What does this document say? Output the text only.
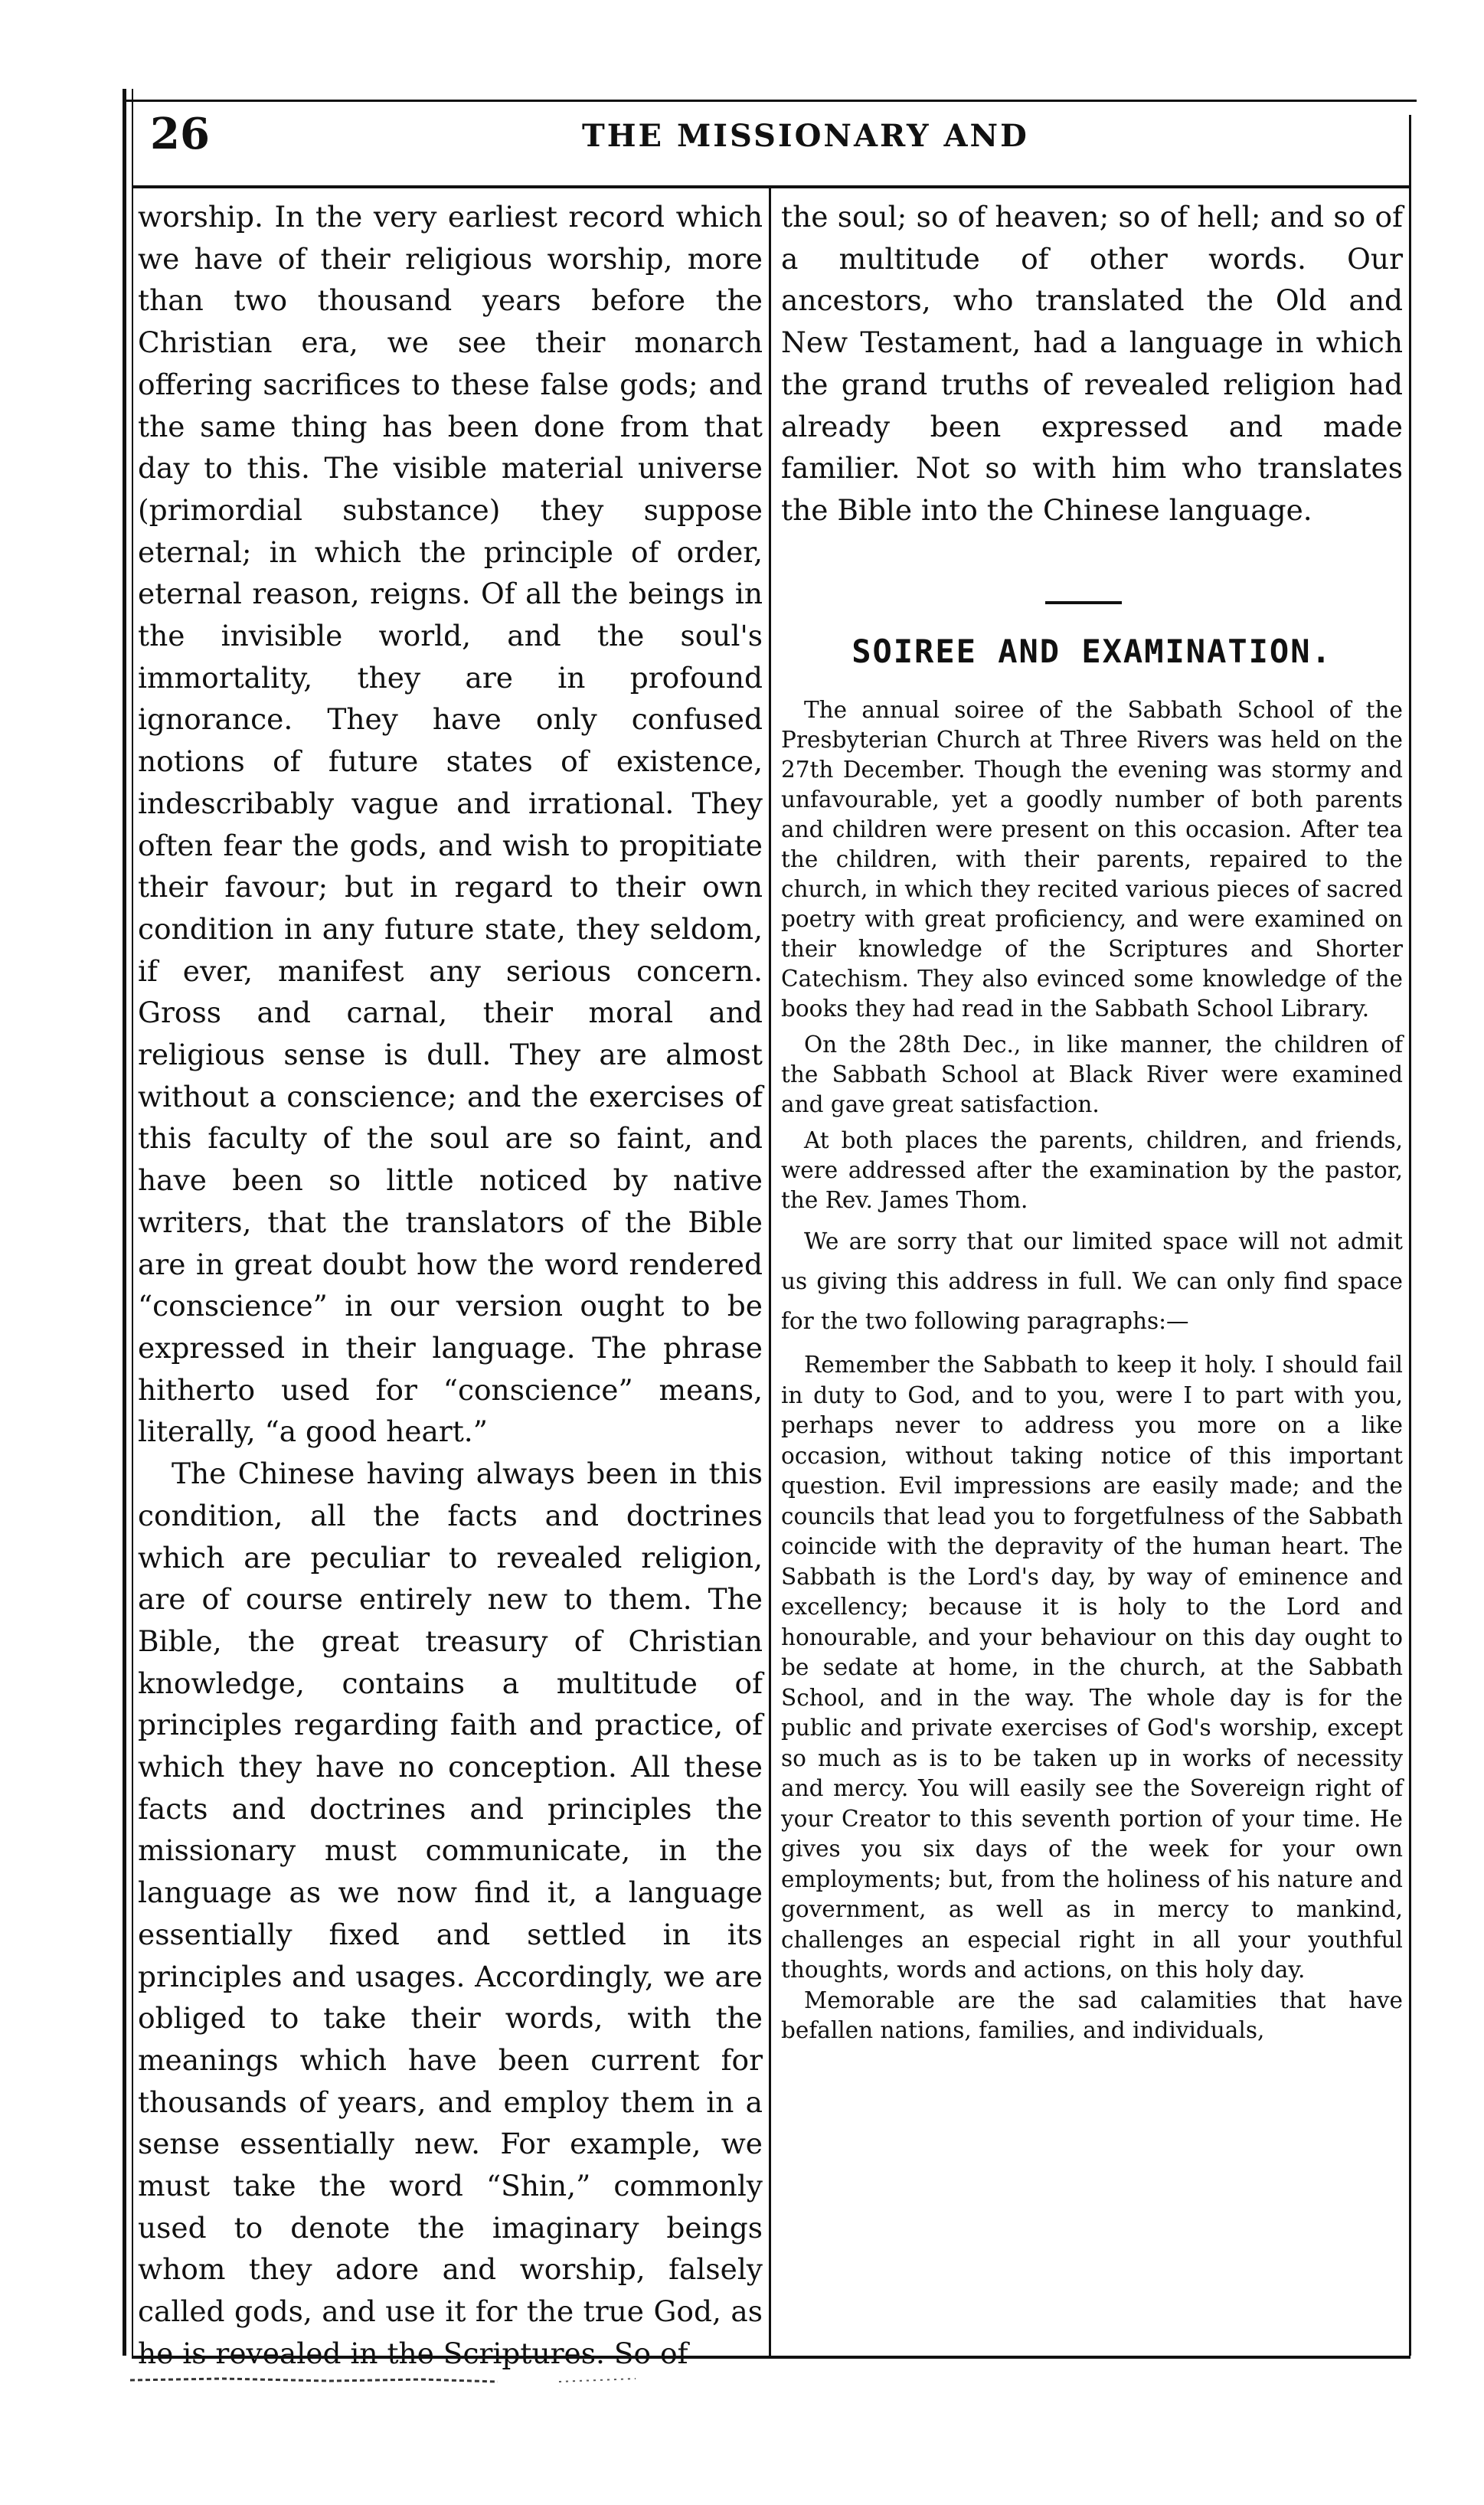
26	THE MISSIONARY AND

worship. In the very earliest record which we have of their religious worship, more than two thousand years before the Christian era, we see their monarch offering sacrifices to these false gods; and the same thing has been done from that day to this. The visible material universe (primordial substance) they suppose eternal; in which the principle of order, eternal reason, reigns. Of all the beings in the invisible world, and the soul's immortality, they are in profound ignorance. They have only confused notions of future states of existence, indescribably vague and irrational. They often fear the gods, and wish to propitiate their favour; but in regard to their own condition in any future state, they seldom, if ever, manifest any serious concern. Gross and carnal, their moral and religious sense is dull. They are almost without a conscience; and the exercises of this faculty of the soul are so faint, and have been so little noticed by native writers, that the translators of the Bible are in great doubt how the word rendered “conscience” in our version ought to be expressed in their language. The phrase hitherto used for “conscience” means, literally, “a good heart.”

The Chinese having always been in this condition, all the facts and doctrines which are peculiar to revealed religion, are of course entirely new to them. The Bible, the great treasury of Christian knowledge, contains a multitude of principles regarding faith and practice, of which they have no conception. All these facts and doctrines and principles the missionary must communicate, in the language as we now find it, a language essentially fixed and settled in its principles and usages. Accordingly, we are obliged to take their words, with the meanings which have been current for thousands of years, and employ them in a sense essentially new. For example, we must take the word “Shin,” commonly used to denote the imaginary beings whom they adore and worship, falsely called gods, and use it for the true God, as he is revealed in the Scriptures. So of

the soul; so of heaven; so of hell; and so of a multitude of other words. Our ancestors, who translated the Old and New Testament, had a language in which the grand truths of revealed religion had already been expressed and made familier. Not so with him who translates the Bible into the Chinese language.

SOIREE AND EXAMINATION.

The annual soiree of the Sabbath School of the Presbyterian Church at Three Rivers was held on the 27th December. Though the evening was stormy and unfavourable, yet a goodly number of both parents and children were present on this occasion. After tea the children, with their parents, repaired to the church, in which they recited various pieces of sacred poetry with great proficiency, and were examined on their knowledge of the Scriptures and Shorter Catechism. They also evinced some knowledge of the books they had read in the Sabbath School Library.

On the 28th Dec., in like manner, the children of the Sabbath School at Black River were examined and gave great satisfaction.

At both places the parents, children, and friends, were addressed after the examination by the pastor, the Rev. James Thom.

We are sorry that our limited space will not admit us giving this address in full. We can only find space for the two following paragraphs:—

Remember the Sabbath to keep it holy. I should fail in duty to God, and to you, were I to part with you, perhaps never to address you more on a like occasion, without taking notice of this important question. Evil impressions are easily made; and the councils that lead you to forgetfulness of the Sabbath coincide with the depravity of the human heart. The Sabbath is the Lord's day, by way of eminence and excellency; because it is holy to the Lord and honourable, and your behaviour on this day ought to be sedate at home, in the church, at the Sabbath School, and in the way. The whole day is for the public and private exercises of God's worship, except so much as is to be taken up in works of necessity and mercy. You will easily see the Sovereign right of your Creator to this seventh portion of your time. He gives you six days of the week for your own employments; but, from the holiness of his nature and government, as well as in mercy to mankind, challenges an especial right in all your youthful thoughts, words and actions, on this holy day.

Memorable are the sad calamities that have befallen nations, families, and individuals,
